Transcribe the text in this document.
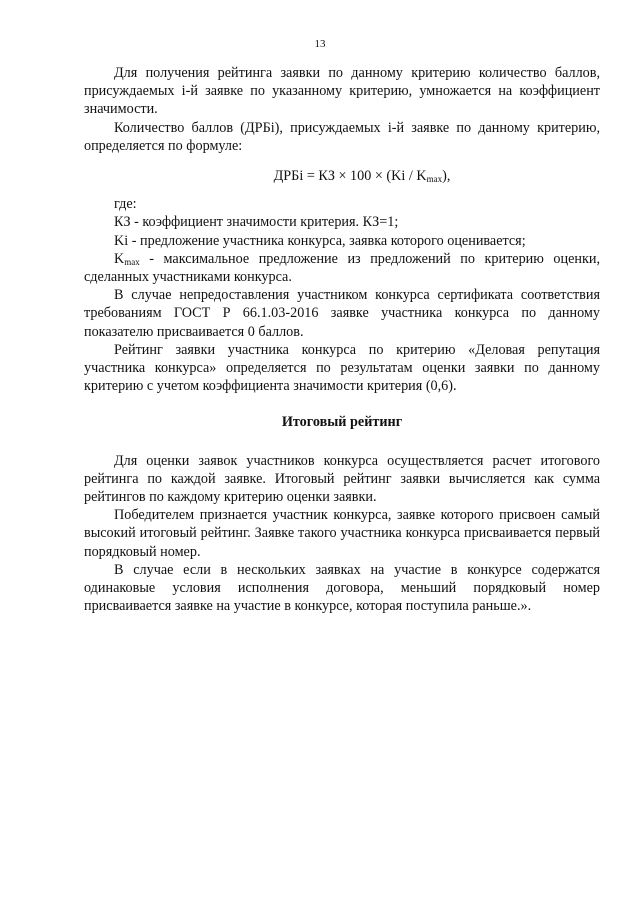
13

Для получения рейтинга заявки по данному критерию количество баллов, присуждаемых i-й заявке по указанному критерию, умножается на коэффициент значимости.

Количество баллов (ДРБi), присуждаемых i-й заявке по данному критерию, определяется по формуле:

ДРБi = КЗ × $100 \times (Ki / K_{max})$,

где:

КЗ - коэффициент значимости критерия. КЗ=1;

Ki - предложение участника конкурса, заявка которого оценивается;

$K_{max}$ - максимальное предложение из предложений по критерию оценки, сделанных участниками конкурса.

В случае непредоставления участником конкурса сертификата соответствия требованиям ГОСТ Р 66.1.03-2016 заявке участника конкурса по данному показателю присваивается 0 баллов.

Рейтинг заявки участника конкурса по критерию «Деловая репутация участника конкурса» определяется по результатам оценки заявки по данному критерию с учетом коэффициента значимости критерия (0,6).

Итоговый рейтинг

Для оценки заявок участников конкурса осуществляется расчет итогового рейтинга по каждой заявке. Итоговый рейтинг заявки вычисляется как сумма рейтингов по каждому критерию оценки заявки.

Победителем признается участник конкурса, заявке которого присвоен самый высокий итоговый рейтинг. Заявке такого участника конкурса присваивается первый порядковый номер.

В случае если в нескольких заявках на участие в конкурсе содержатся одинаковые условия исполнения договора, меньший порядковый номер присваивается заявке на участие в конкурсе, которая поступила раньше.».
